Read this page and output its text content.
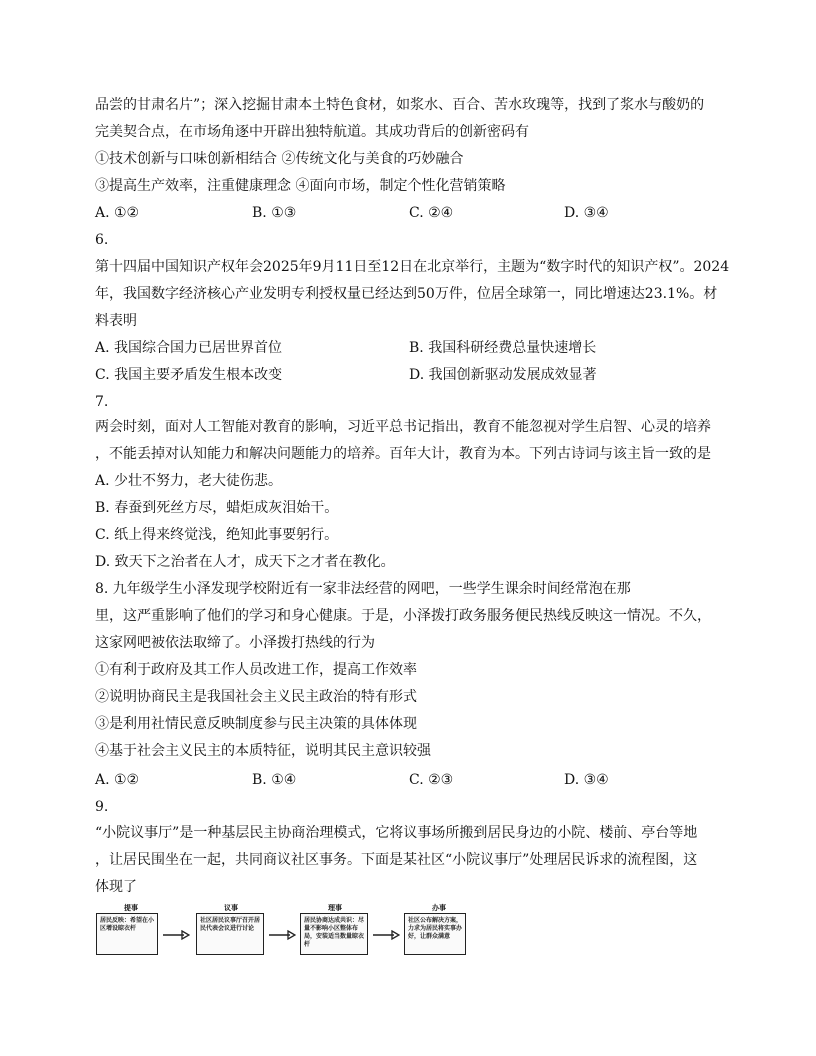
品尝的甘肃名片”；深入挖掘甘肃本土特色食材，如浆水、百合、苦水玫瑰等，找到了浆水与酸奶的
完美契合点，在市场角逐中开辟出独特航道。其成功背后的创新密码有
①技术创新与口味创新相结合 ②传统文化与美食的巧妙融合
③提高生产效率，注重健康理念 ④面向市场，制定个性化营销策略
A. ①②	B. ①③	C. ②④	D. ③④
6.
第十四届中国知识产权年会2025年9月11日至12日在北京举行，主题为“数字时代的知识产权”。2024
年，我国数字经济核心产业发明专利授权量已经达到50万件，位居全球第一，同比增速达23.1%。材
料表明
A. 我国综合国力已居世界首位	B. 我国科研经费总量快速增长
C. 我国主要矛盾发生根本改变	D. 我国创新驱动发展成效显著
7.
两会时刻，面对人工智能对教育的影响，习近平总书记指出，教育不能忽视对学生启智、心灵的培养
，不能丢掉对认知能力和解决问题能力的培养。百年大计，教育为本。下列古诗词与该主旨一致的是
A. 少壮不努力，老大徒伤悲。
B. 春蚕到死丝方尽，蜡炬成灰泪始干。
C. 纸上得来终觉浅，绝知此事要躬行。
D. 致天下之治者在人才，成天下之才者在教化。
8. 九年级学生小泽发现学校附近有一家非法经营的网吧，一些学生课余时间经常泡在那
里，这严重影响了他们的学习和身心健康。于是，小泽拨打政务服务便民热线反映这一情况。不久，
这家网吧被依法取缔了。小泽拨打热线的行为
①有利于政府及其工作人员改进工作，提高工作效率
②说明协商民主是我国社会主义民主政治的特有形式
③是利用社情民意反映制度参与民主决策的具体体现
④基于社会主义民主的本质特征，说明其民主意识较强
A. ①②	B. ①④	C. ②③	D. ③④
9.
“小院议事厅”是一种基层民主协商治理模式，它将议事场所搬到居民身边的小院、楼前、亭台等地
，让居民围坐在一起，共同商议社区事务。下面是某社区“小院议事厅”处理居民诉求的流程图，这
体现了
提事
居民反映：希望在小区增设晾衣杆
议事
社区居民议事厅召开居民代表会议进行讨论
理事
居民协商达成共识：尽量不影响小区整体布局，安装适当数量晾衣杆
办事
社区公布解决方案，力求为居民将实事办好，让群众满意
